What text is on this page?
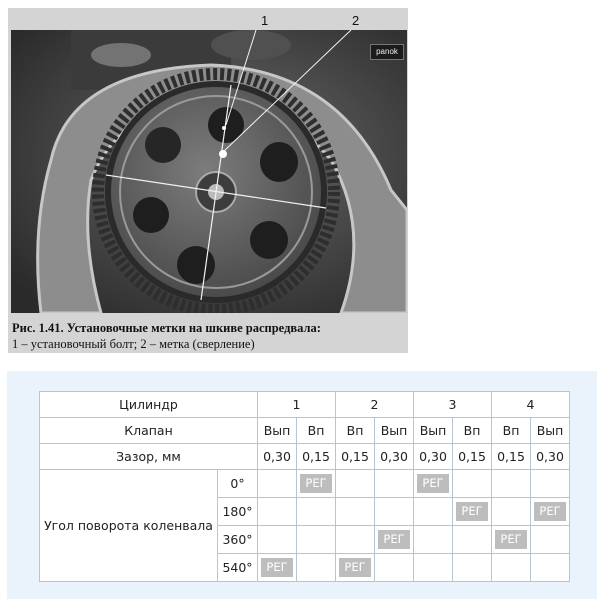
1	2
panok
Рис. 1.41. Установочные метки на шкиве распредвала:
1 – установочный болт; 2 – метка (сверление)
Цилиндр		1		2		3		4	
Клапан		Вып	Вп	Вп	Вып	Вып	Вп	Вп	Вып
Зазор, мм		0,30	0,15	0,15	0,30	0,30	0,15	0,15	0,30
Угол поворота коленвала	0°		РЕГ			РЕГ			
	180°						РЕГ		РЕГ
	360°				РЕГ			РЕГ	
	540°	РЕГ		РЕГ					
